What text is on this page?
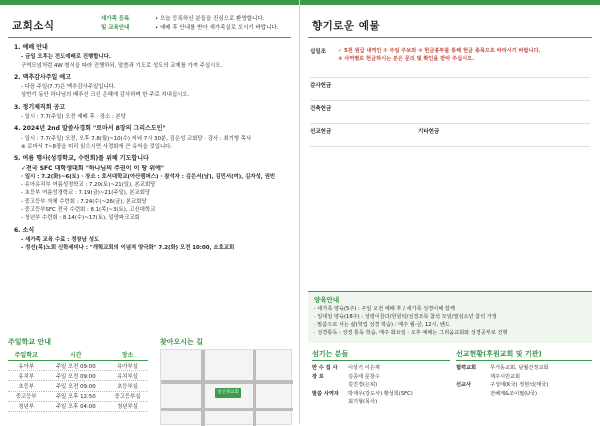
교회소식
새가족 등록	• 오늘 등록하신 분들을 진심으로 환영합니다.
및 교육안내	• 예배 후 안내를 받아 새가족실로 오시기 바랍니다.
1. 예배 안내
- 금일 오후는 전도예배로 진행합니다.
구역모임처럼 4W 형식을 따라 진행하되, 말씀과 기도로 성도의 교제를 가져 주십시오.
2. 맥추감사주일 예고
- 다음 주일(7.7)은 맥추감사주일입니다.
상반기 동안 하나님의 베푸신 크신 은혜에 감사하며 한 주로 지내십시오.
3. 정기제직회 공고
- 일시 : 7.7(주일) 오전 예배 후 · 장소 : 본당
4. 2024년 2nd 말씀사경회 "로마서 8장의 그리스도인"
- 일시 : 7.7(주일) 오전, 오후 7.8(월)~10(수) 저녁 7시 30분, 김은성 교회당 · 강사 : 최기형 목사
※ 로마서 7~8장을 미리 읽으시면 사경회에 큰 유익을 것입니다.
5. 여름 행사(성경학교, 수련회)를 위해 기도합니다
✓전국 SFC 대학생대회 "하나님의 주권이 이 땅 위에"
· 일시 : 7.2(화)~6(토) · 장소 : 호서대학교(아산캠퍼스) · 참석자 : 김은서(남), 김민서(여), 김자성, 권빈
- 유아유치부 여름성경학교 : 7.20(토)~21(일), 본교회당
- 초등부 여름성경학교 : 7.19(금)~21(주일), 본교회당
- 중고등부 자체 수련회 : 7.24(수)~26(금), 본교회당
- 중고등부SFC 전국 수련회 : 8.1(목)~3(토), 고신대학교
- 청년부 수련회 : 8.14(수)~17(토), 일양파크교회
6. 소식
- 새가족 교육 수료 : 정창남 성도
- 정선(목)노회 신학세미나 : "개혁교회의 이념적 양극화" 7.2(화) 오전 10:00, 소호교회
주일학교 안내
주일학교	시간	장소
유아부	주일 오전 09:00	유아부실
유치부	주일 오전 09:00	유치부실
초등부	주일 오전 09:00	초등부실
중고등부	주일 오후 12:50	중고등부실
청년부	주일 오후 04:00	청년부실
찾아오시는 길
일신정교회
향기로운 예물
십일조	✓ 5천 원급 내역인 ① 주일 주보와 ② 헌금봉투를 통해 헌금 종목으로 바라시기 바랍니다.
③ 사역별로 헌금하시는 분은 문의 및 확인을 받아 주십시오.
감사헌금
건축헌금
선교헌금	기타헌금
양육안내
· 새가족 양육(5주) : 주일 오전 예배 후 / 새가족 성경이해 함께
· 일대일 양육(18주) : 성령이끌다/한원탁/성경조목 참석 모임/열심소년 참석 가정
· 말씀으로 사는 삶(학업 성경 학습) : 매주 월-금, 12시, 밴드
· 성경통독 : 성경 통독 학습, 매주 화요일 · 오후 예배는 그리움교회와 성경공부로 진행
섬기는 분들
반 수 집 사	이상기 이은재
장 로	김종태 문창수
김진경(은퇴)
말씀 사역자	박재우(강도사) 황성희(SFC)
최기형(목사)
선교현황(후원교회 및 기관)
협력교회	무거동교회, 남월산정교회
제주시민교회
선교사	구성태(K국) 정현석(태국)
전혜계&조이필(U국)
